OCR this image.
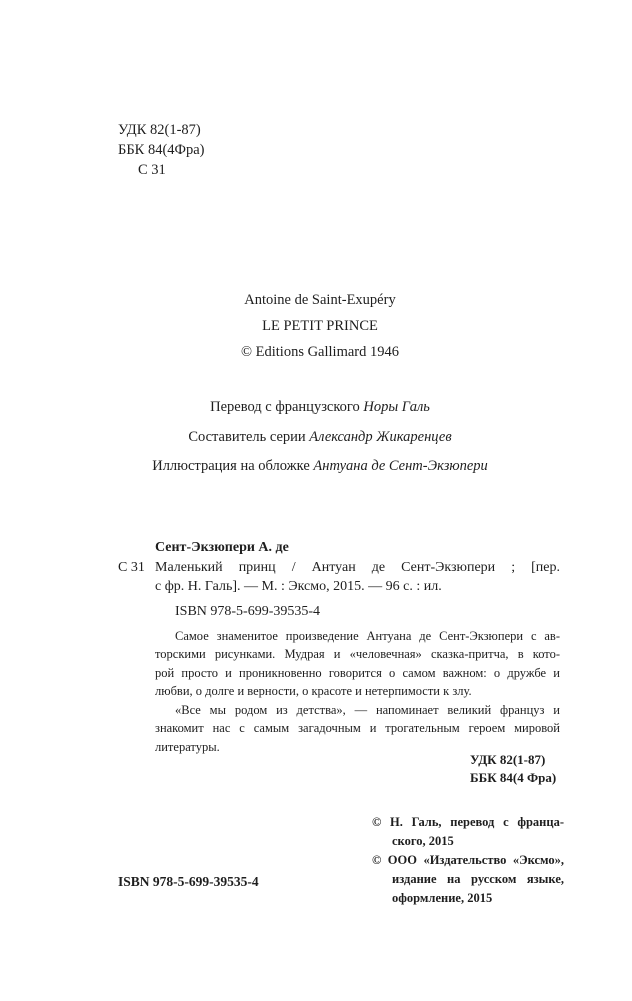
УДК 82(1-87)
ББК 84(4Фра)
С 31
Antoine de Saint-Exupéry
LE PETIT PRINCE
© Editions Gallimard 1946
Перевод с французского Норы Галь
Составитель серии Александр Жикаренцев
Иллюстрация на обложке Антуана де Сент-Экзюпери
Сент-Экзюпери А. де
Маленький принц / Антуан де Сент-Экзюпери ; [пер.
с фр. Н. Галь]. — М. : Эксмо, 2015. — 96 с. : ил.
С 31
ISBN 978-5-699-39535-4
Самое знаменитое произведение Антуана де Сент-Экзюпери с ав-
торскими рисунками. Мудрая и «человечная» сказка-притча, в кото-
рой просто и проникновенно говорится о самом важном: о дружбе и
любви, о долге и верности, о красоте и нетерпимости к злу.
«Все мы родом из детства», — напоминает великий француз и
знакомит нас с самым загадочным и трогательным героем мировой
литературы.
УДК 82(1-87)
ББК 84(4 Фра)
© Н. Галь, перевод с франца-
ского, 2015
© ООО «Издательство «Эксмо»,
издание на русском языке,
оформление, 2015
ISBN 978-5-699-39535-4
